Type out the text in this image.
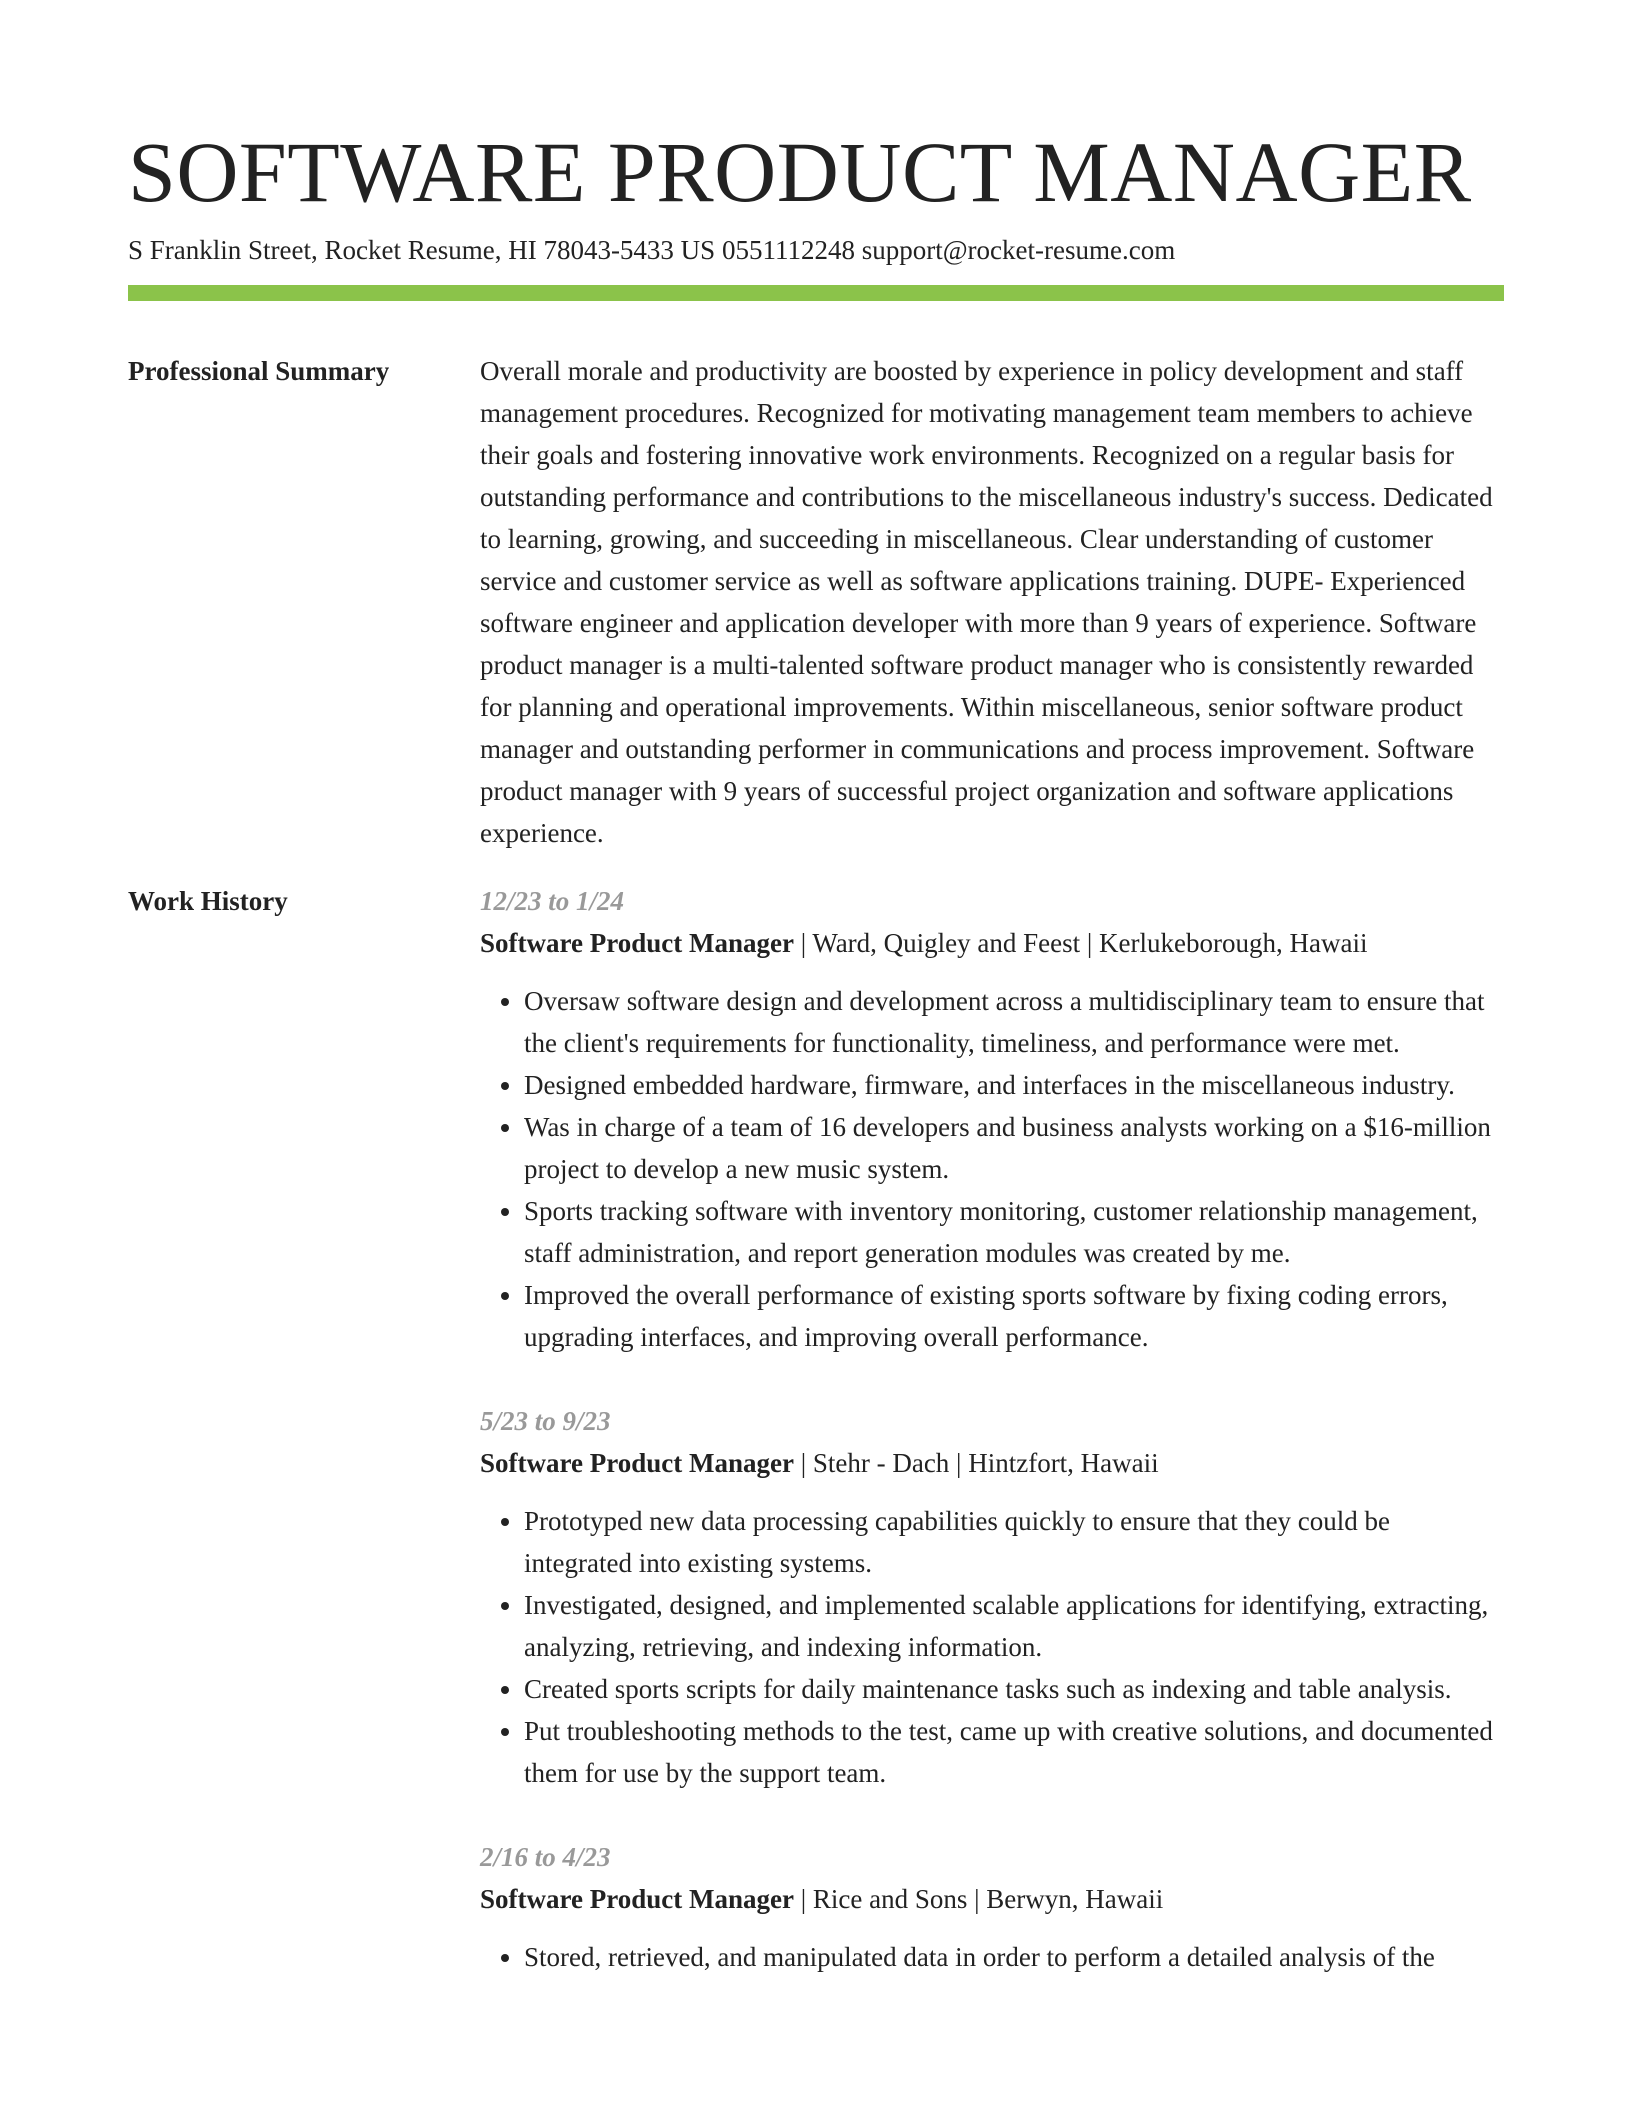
SOFTWARE PRODUCT MANAGER
S Franklin Street, Rocket Resume, HI 78043-5433 US 0551112248 support@rocket-resume.com
Professional Summary	Overall morale and productivity are boosted by experience in policy development and staff management procedures. Recognized for motivating management team members to achieve their goals and fostering innovative work environments. Recognized on a regular basis for outstanding performance and contributions to the miscellaneous industry's success. Dedicated to learning, growing, and succeeding in miscellaneous. Clear understanding of customer service and customer service as well as software applications training. DUPE- Experienced software engineer and application developer with more than 9 years of experience. Software product manager is a multi-talented software product manager who is consistently rewarded for planning and operational improvements. Within miscellaneous, senior software product manager and outstanding performer in communications and process improvement. Software product manager with 9 years of successful project organization and software applications experience.

Work History	12/23 to 1/24
Software Product Manager | Ward, Quigley and Feest | Kerlukeborough, Hawaii
• Oversaw software design and development across a multidisciplinary team to ensure that the client's requirements for functionality, timeliness, and performance were met.
• Designed embedded hardware, firmware, and interfaces in the miscellaneous industry.
• Was in charge of a team of 16 developers and business analysts working on a $16-million project to develop a new music system.
• Sports tracking software with inventory monitoring, customer relationship management, staff administration, and report generation modules was created by me.
• Improved the overall performance of existing sports software by fixing coding errors, upgrading interfaces, and improving overall performance.
5/23 to 9/23
Software Product Manager | Stehr - Dach | Hintzfort, Hawaii
• Prototyped new data processing capabilities quickly to ensure that they could be integrated into existing systems.
• Investigated, designed, and implemented scalable applications for identifying, extracting, analyzing, retrieving, and indexing information.
• Created sports scripts for daily maintenance tasks such as indexing and table analysis.
• Put troubleshooting methods to the test, came up with creative solutions, and documented them for use by the support team.
2/16 to 4/23
Software Product Manager | Rice and Sons | Berwyn, Hawaii
• Stored, retrieved, and manipulated data in order to perform a detailed analysis of the
